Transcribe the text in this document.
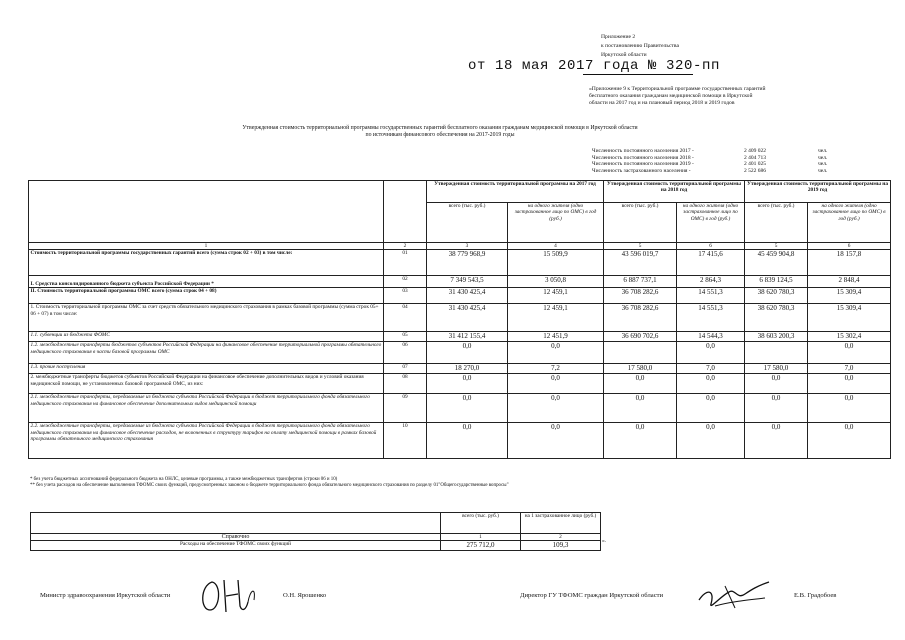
Приложение 2
к постановлению Правительства
Иркутской области
от 18 мая 2017 года № 320-пп
«Приложение 9 к Территориальной программе государственных гарантий
бесплатного оказания гражданам медицинской помощи в Иркутской
области на 2017 год и на плановый период 2018 и 2019 годов
Утвержденная стоимость территориальной программы государственных гарантий бесплатного оказания гражданам медицинской помощи в Иркутской области
по источникам финансового обеспечения на 2017-2019 годы
Численность постоянного населения 2017 -	2 409 022	чел.
Численность постоянного населения 2018 -	2 404 713	чел.
Численность постоянного населения 2019 -	2 401 025	чел.
Численность застрахованного населения -	2 522 686	чел.
		Утвержденная стоимость территориальной программы на 2017 год		Утвержденная стоимость территориальной программы на 2018 год		Утвержденная стоимость территориальной программы на 2019 год	
		всего (тыс. руб.)	на одного жителя (одно застрахованное лицо по ОМС) в год (руб.)	всего (тыс. руб.)	на одного жителя (одно застрахованное лицо по ОМС) в год (руб.)	всего (тыс. руб.)	на одного жителя (одно застрахованное лицо по ОМС) в год (руб.)
1	2	3	4	5	6	5	6
Стоимость территориальной программы государственных гарантий всего (сумма строк 02 + 03) в том числе:	01	38 779 968,9	15 509,9	43 596 019,7	17 415,6	45 459 904,8	18 157,8
I. Средства консолидированного бюджета субъекта Российской Федерации *	02	7 349 543,5	3 050,8	6 887 737,1	2 864,3	6 839 124,5	2 848,4
II. Стоимость территориальной программы ОМС всего (сумма строк 04 + 08)	03	31 430 425,4	12 459,1	36 708 282,6	14 551,3	38 620 780,3	15 309,4
1. Стоимость территориальной программы ОМС за счет средств обязательного медицинского страхования в рамках базовой программы (сумма строк 05+ 06 + 07) в том числе:	04	31 430 425,4	12 459,1	36 708 282,6	14 551,3	38 620 780,3	15 309,4
1.1. субвенции из бюджета ФОМС	05	31 412 155,4	12 451,9	36 690 702,6	14 544,3	38 603 200,3	15 302,4
1.2. межбюджетные трансферты бюджетов субъектов Российской Федерации на финансовое обеспечение территориальной программы обязательного медицинского страхования в части базовой программы ОМС	06	0,0	0,0		0,0		0,0
1.3. прочие поступления	07	18 270,0	7,2	17 580,0	7,0	17 580,0	7,0
2. межбюджетные трансферты бюджетов субъектов Российской Федерации на финансовое обеспечение дополнительных видов и условий оказания медицинской помощи, не установленных базовой программой ОМС, из них:	08	0,0	0,0	0,0	0,0	0,0	0,0
2.1. межбюджетные трансферты, передаваемые из бюджета субъекта Российской Федерации в бюджет территориального фонда обязательного медицинского страхования на финансовое обеспечение дополнительных видов медицинской помощи	09	0,0	0,0	0,0	0,0	0,0	0,0
2.2. межбюджетные трансферты, передаваемые из бюджета субъекта Российской Федерации в бюджет территориального фонда обязательного медицинского страхования на финансовое обеспечение расходов, не включенных в структуру тарифов на оплату медицинской помощи в рамках базовой программы обязательного медицинского страхования	10	0,0	0,0	0,0	0,0	0,0	0,0
* без учета бюджетных ассигнований федерального бюджета на ОНЛС, целевые программы, а также межбюджетных трансфертов (строки 06 и 10)
** без учета расходов на обеспечение выполнения ТФОМС своих функций, предусмотренных законом о бюджете территориального фонда обязательного медицинского страхования по разделу 01"Общегосударственные вопросы"
	всего (тыс. руб.)	на 1 застрахованное лицо (руб.)
Справочно	1	2
Расходы на обеспечение ТФОМС своих функций	275 712,0	109,3
».
Министр здравоохранения Иркутской области	О.Н. Ярошенко	Директор ГУ ТФОМС граждан Иркутской области	Е.В. Градобоев
